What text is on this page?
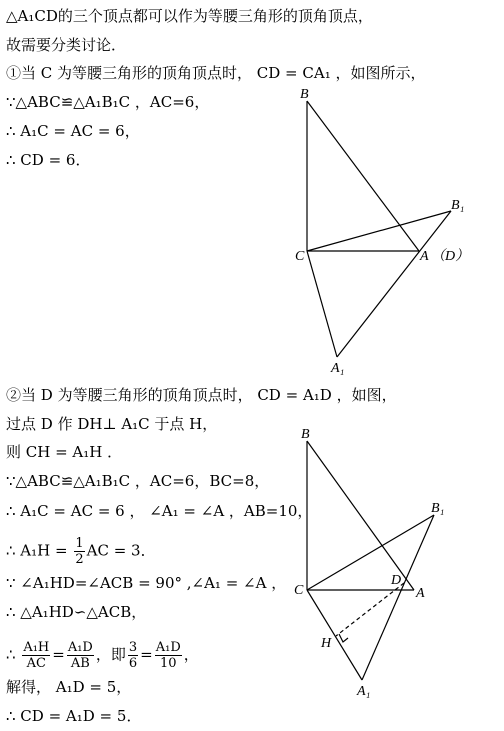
△A₁CD的三个顶点都可以作为等腰三角形的顶角顶点，
故需要分类讨论．
①当 C 为等腰三角形的顶角顶点时， CD = CA₁ ，如图所示，
∵△ABC≌△A₁B₁C ，AC=6，
∴ A₁C = AC = 6，
∴ CD = 6．
②当 D 为等腰三角形的顶角顶点时， CD = A₁D ，如图，
过点 D 作 DH⊥ A₁C 于点 H，
则 CH = A₁H ．
∵△ABC≌△A₁B₁C ，AC=6，BC=8，
∴ A₁C = AC = 6 ， ∠A₁ = ∠A ，AB=10，
∴ $A_1H = \frac{1}{2}$ AC = 3．
∵ ∠A₁HD=∠ACB = 90° ,∠A₁ = ∠A ，
∴ △A₁HD∽△ACB，
∴ $\frac{\text{A₁H}}{AC} = \frac{\text{A₁D}}{AB}$ ，即 $\frac{3}{6} = \frac{\text{A₁D}}{10}$ ，
解得， A₁D = 5，
∴ CD = A₁D = 5．
B
B₁
C	A （D）
A₁
B
B₁
C
D
A
H
A₁
